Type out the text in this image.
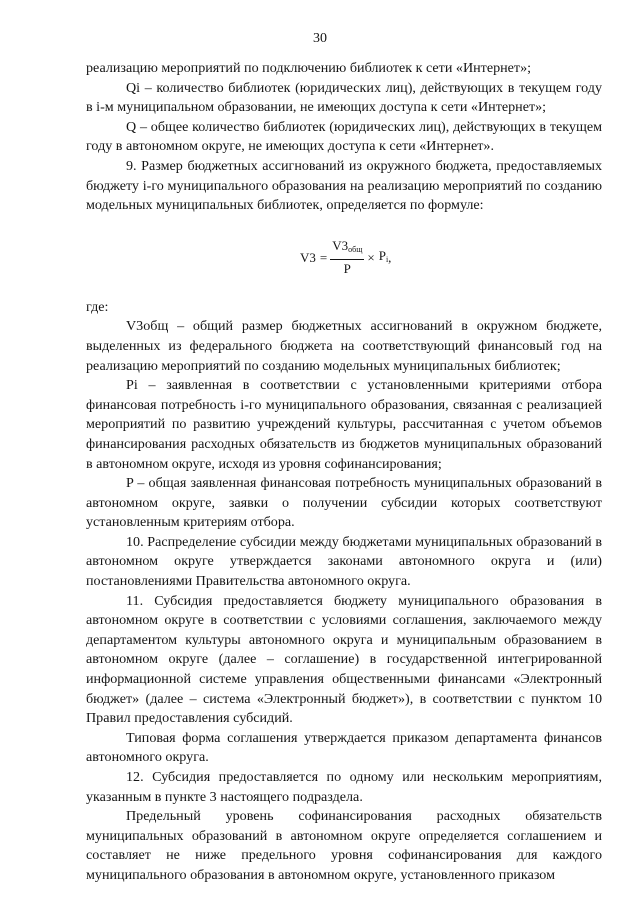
30

реализацию мероприятий по подключению библиотек к сети «Интернет»;

Qi – количество библиотек (юридических лиц), действующих в текущем году в i-м муниципальном образовании, не имеющих доступа к сети «Интернет»;

Q – общее количество библиотек (юридических лиц), действующих в текущем году в автономном округе, не имеющих доступа к сети «Интернет».

9. Размер бюджетных ассигнований из окружного бюджета, предоставляемых бюджету i-го муниципального образования на реализацию мероприятий по созданию модельных муниципальных библиотек, определяется по формуле:

$V3 = \frac{V3_{общ}}{P} \times P_i$ ,

где:

V3общ – общий размер бюджетных ассигнований в окружном бюджете, выделенных из федерального бюджета на соответствующий финансовый год на реализацию мероприятий по созданию модельных муниципальных библиотек;

Pi – заявленная в соответствии с установленными критериями отбора финансовая потребность i-го муниципального образования, связанная с реализацией мероприятий по развитию учреждений культуры, рассчитанная с учетом объемов финансирования расходных обязательств из бюджетов муниципальных образований в автономном округе, исходя из уровня софинансирования;

P – общая заявленная финансовая потребность муниципальных образований в автономном округе, заявки о получении субсидии которых соответствуют установленным критериям отбора.

10. Распределение субсидии между бюджетами муниципальных образований в автономном округе утверждается законами автономного округа и (или) постановлениями Правительства автономного округа.

11. Субсидия предоставляется бюджету муниципального образования в автономном округе в соответствии с условиями соглашения, заключаемого между департаментом культуры автономного округа и муниципальным образованием в автономном округе (далее – соглашение) в государственной интегрированной информационной системе управления общественными финансами «Электронный бюджет» (далее – система «Электронный бюджет»), в соответствии с пунктом 10 Правил предоставления субсидий.

Типовая форма соглашения утверждается приказом департамента финансов автономного округа.

12. Субсидия предоставляется по одному или нескольким мероприятиям, указанным в пункте 3 настоящего подраздела.

Предельный уровень софинансирования расходных обязательств муниципальных образований в автономном округе определяется соглашением и составляет не ниже предельного уровня софинансирования для каждого муниципального образования в автономном округе, установленного приказом
